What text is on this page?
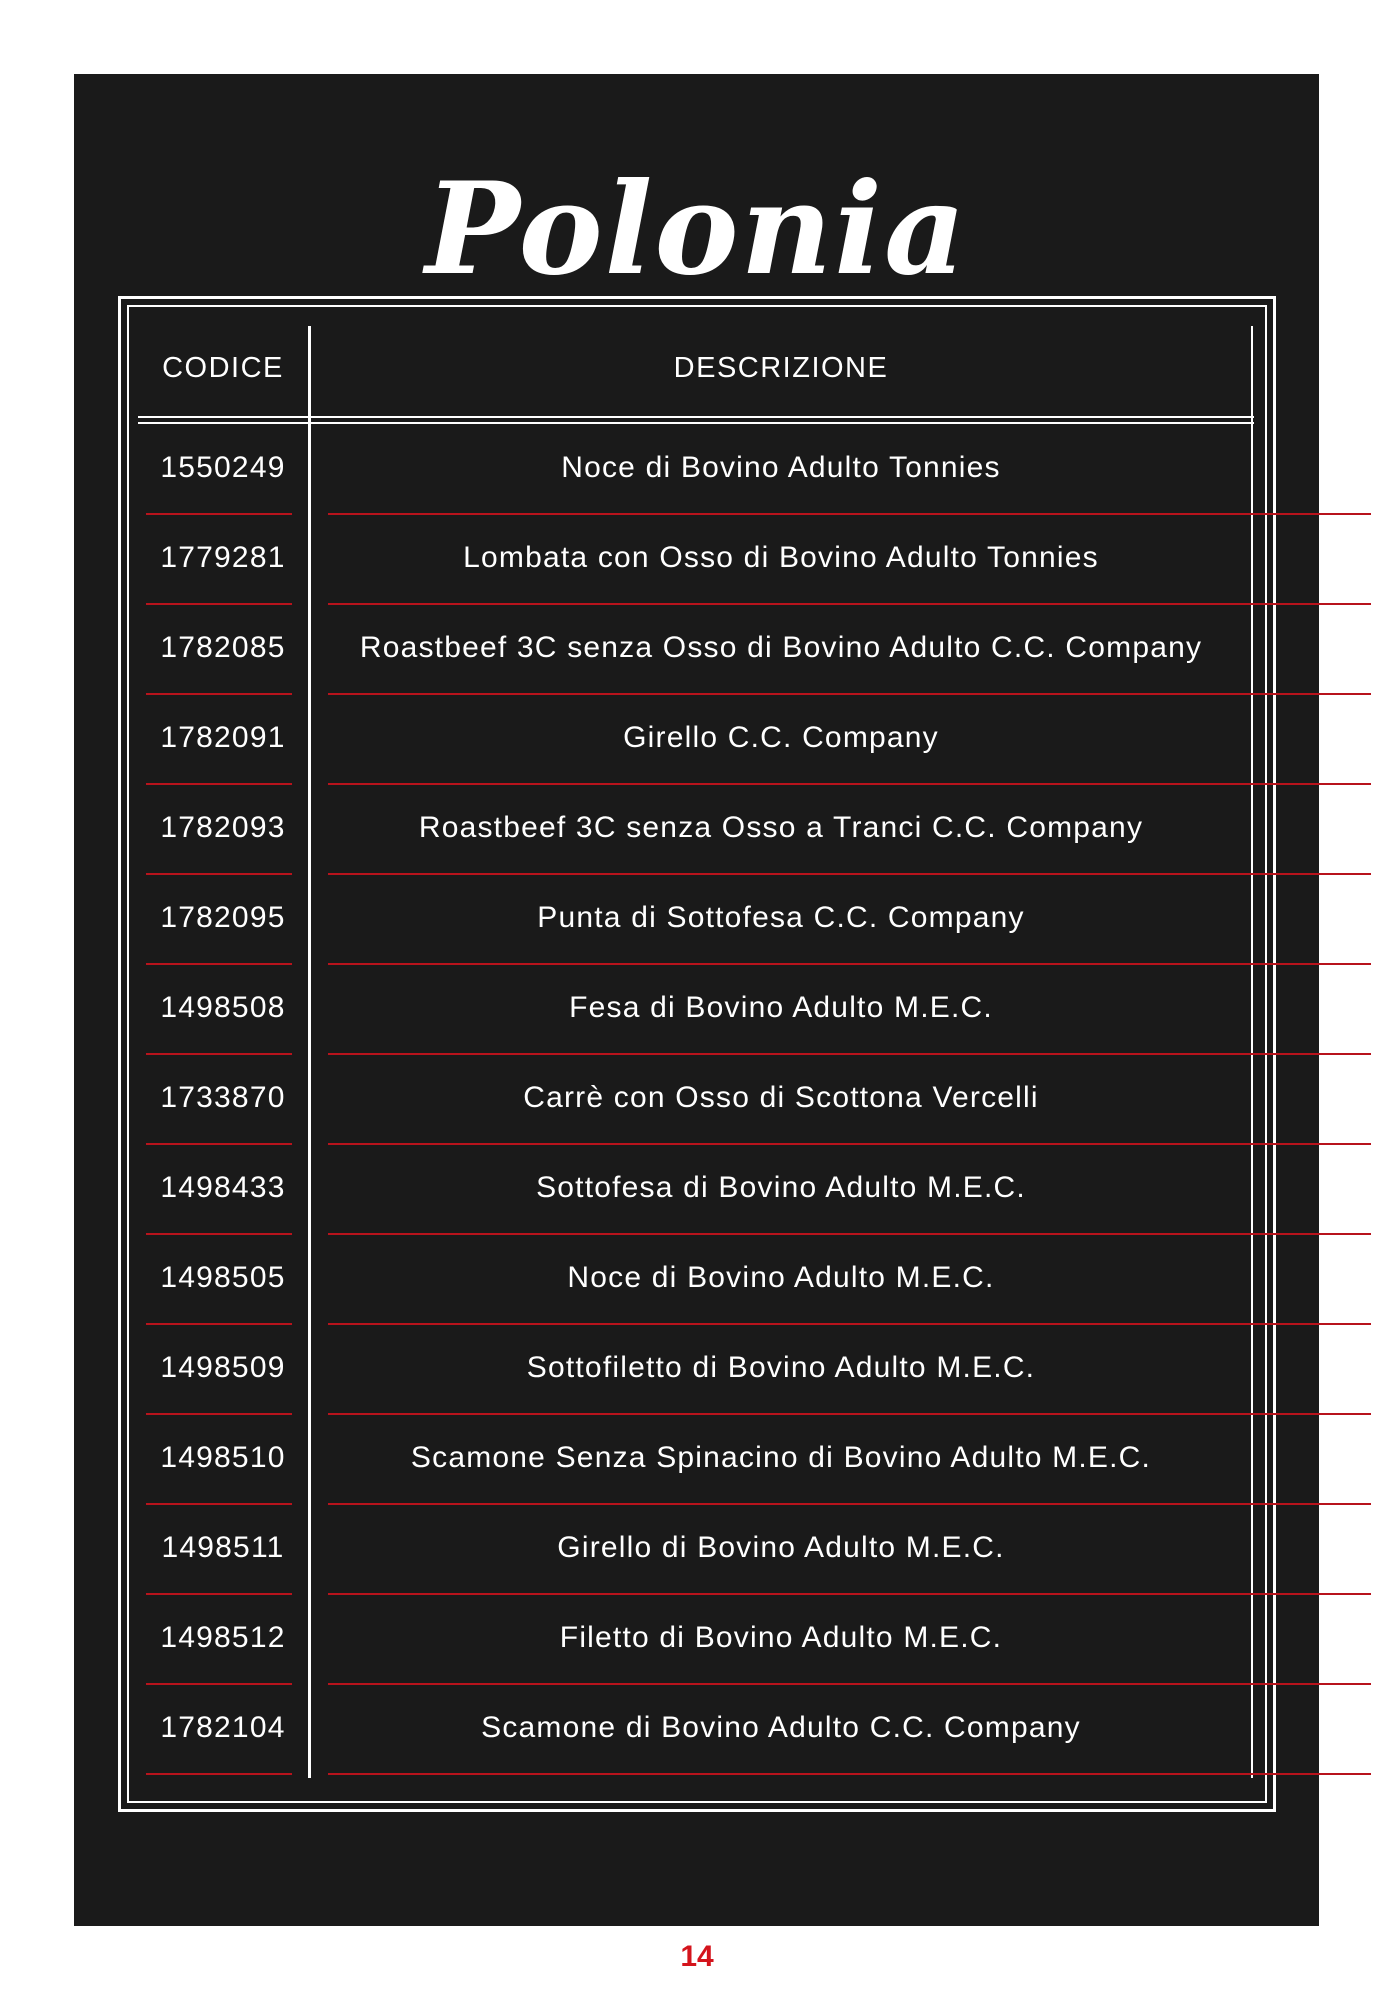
Polonia
CODICE	DESCRIZIONE
1550249	Noce di Bovino Adulto Tonnies
1779281	Lombata con Osso di Bovino Adulto Tonnies
1782085	Roastbeef 3C senza Osso di Bovino Adulto C.C. Company
1782091	Girello C.C. Company
1782093	Roastbeef 3C senza Osso a Tranci C.C. Company
1782095	Punta di Sottofesa C.C. Company
1498508	Fesa di Bovino Adulto M.E.C.
1733870	Carrè con Osso di Scottona Vercelli
1498433	Sottofesa di Bovino Adulto M.E.C.
1498505	Noce di Bovino Adulto M.E.C.
1498509	Sottofiletto di Bovino Adulto M.E.C.
1498510	Scamone Senza Spinacino di Bovino Adulto M.E.C.
1498511	Girello di Bovino Adulto M.E.C.
1498512	Filetto di Bovino Adulto M.E.C.
1782104	Scamone di Bovino Adulto C.C. Company
14
